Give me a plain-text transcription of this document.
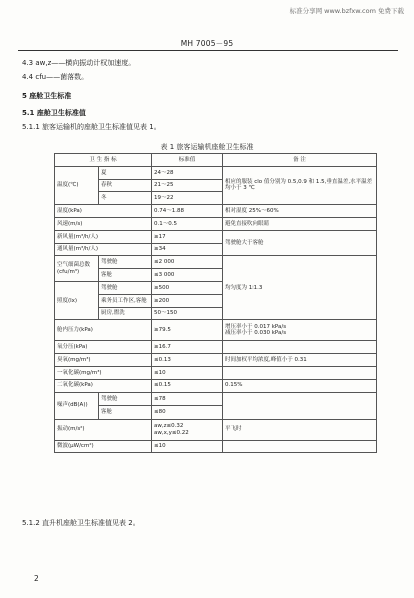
标准分享网 www.bzfxw.com 免费下载
MH 7005－95
4.3 aw,z——横向振动计权加速度。
4.4 cfu——菌落数。
5 座舱卫生标准
5.1 座舱卫生标准值
5.1.1 旅客运输机的座舱卫生标准值见表 1。
表 1 旅客运输机座舱卫生标准
卫 生 指 标		标准值	备 注
温度(℃)	夏	24～28	相应的服装 clo 值分别为 0.5,0.9 和 1.5,垂直温差,水平温差均小于 3 ℃
	春秋	21～25	
	冬	19～22	
湿度(kPa)		0.74～1.88	相对湿度 25%～60%
风速(m/s)		0.1～0.5	避免直接吹向眼睛
新风量(m³/h/人)		≥17	驾驶舱大于客舱
通风量(m³/h/人)		≥34	
空气细菌总数
(cfu/m³)	驾驶舱	≤2 000	均匀度为 1∶1.3
	客舱	≤3 000	
照度(lx)	驾驶舱	≥500	
	乘务员工作区,客舱	≥200	
	厨房,盥洗	50～150	
舱内压力(kPa)		≥79.5	增压率小于 0.017 kPa/s
减压率小于 0.030 kPa/s
氧分压(kPa)		≥16.7	
臭氧(mg/m³)		≤0.13	时间加权平均浓度,峰值小于 0.31
一氧化碳(mg/m³)		≤10	
二氧化碳(kPa)		≤0.15	0.15%
噪声(dB(A))	驾驶舱	≤78	
	客舱	≤80	
振动(m/s²)		aw,z≤0.32
aw,x,y≤0.22	平飞时
微波(μW/cm²)		≤10	
5.1.2 直升机座舱卫生标准值见表 2。
2
